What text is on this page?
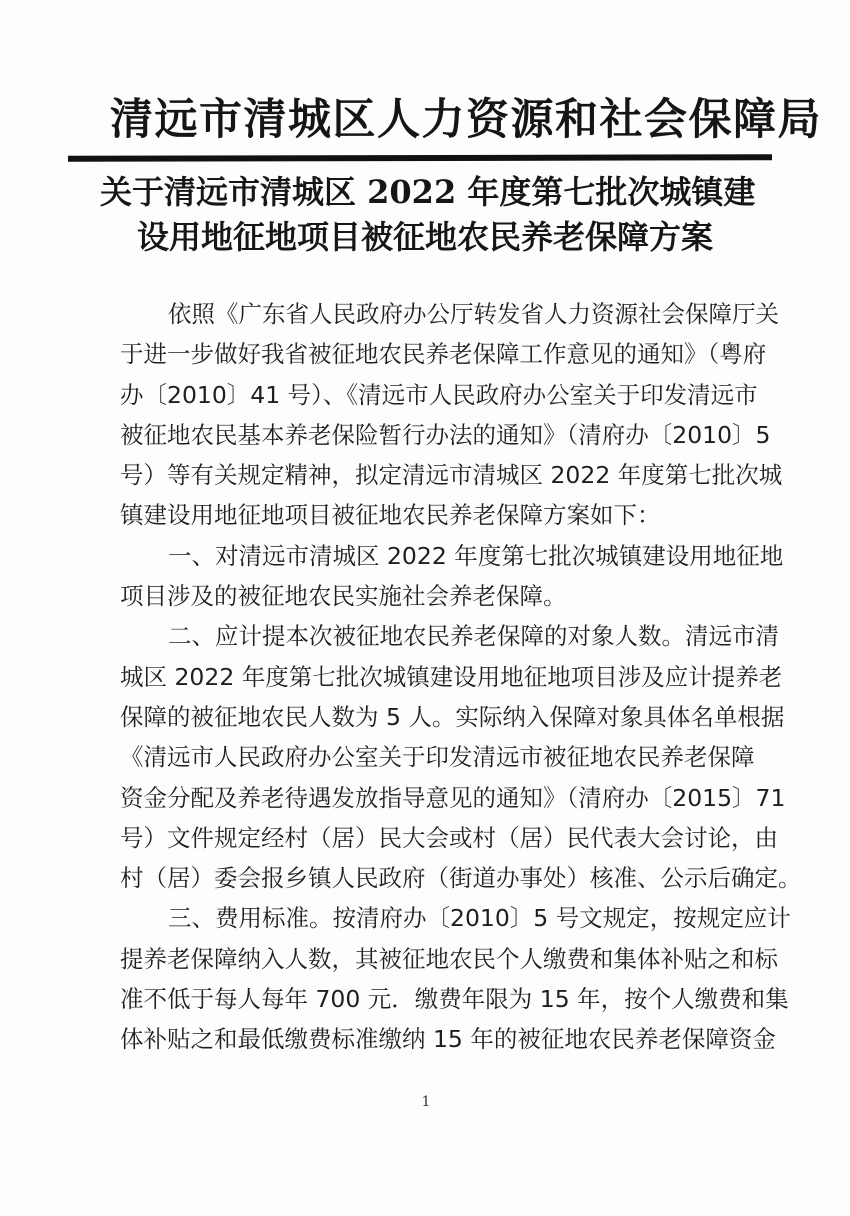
清远市清城区人力资源和社会保障局
关于清远市清城区 2022 年度第七批次城镇建
设用地征地项目被征地农民养老保障方案
依照《广东省人民政府办公厅转发省人力资源社会保障厅关
于进一步做好我省被征地农民养老保障工作意见的通知》（粤府
办〔2010〕41 号）、《清远市人民政府办公室关于印发清远市
被征地农民基本养老保险暂行办法的通知》（清府办〔2010〕5
号）等有关规定精神，拟定清远市清城区 2022 年度第七批次城
镇建设用地征地项目被征地农民养老保障方案如下：
一、对清远市清城区 2022 年度第七批次城镇建设用地征地
项目涉及的被征地农民实施社会养老保障。
二、应计提本次被征地农民养老保障的对象人数。清远市清
城区 2022 年度第七批次城镇建设用地征地项目涉及应计提养老
保障的被征地农民人数为 5 人。实际纳入保障对象具体名单根据
《清远市人民政府办公室关于印发清远市被征地农民养老保障
资金分配及养老待遇发放指导意见的通知》（清府办〔2015〕71
号）文件规定经村（居）民大会或村（居）民代表大会讨论，由
村（居）委会报乡镇人民政府（街道办事处）核准、公示后确定。
三、费用标准。按清府办〔2010〕5 号文规定，按规定应计
提养老保障纳入人数，其被征地农民个人缴费和集体补贴之和标
准不低于每人每年 700 元．缴费年限为 15 年，按个人缴费和集
体补贴之和最低缴费标准缴纳 15 年的被征地农民养老保障资金
1
